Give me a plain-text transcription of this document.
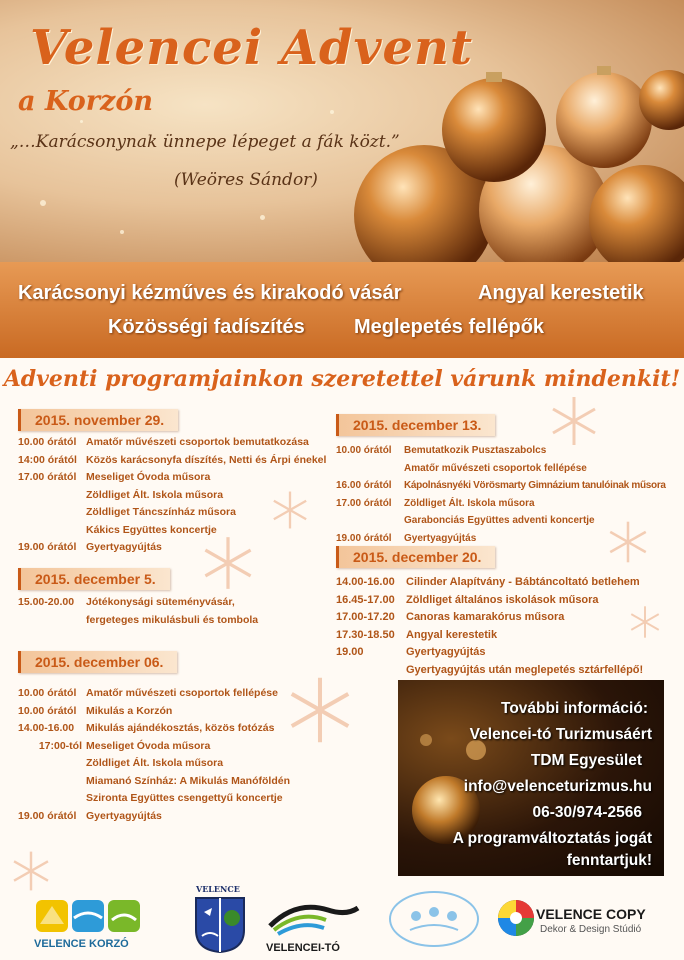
Velencei Advent
a Korzón

„…Karácsonynak ünnepe lépeget a fák közt.”

(Weöres Sándor)

Karácsonyi kézműves és kirakodó vásár	Angyal kerestetik
Közösségi fadíszítés Meglepetés fellépők

Adventi programjainkon szeretettel várunk mindenkit!

2015. november 29.
10.00 órától Amatőr művészeti csoportok bemutatkozása
14:00 órától Közös karácsonyfa díszítés, Netti és Árpi énekel
17.00 órától Meseliget Óvoda műsora
Zöldliget Ált. Iskola műsora
Zöldliget Táncszínház műsora
Kákics Együttes koncertje
19.00 órától Gyertyagyújtás
2015. december 5.
15.00-20.00	Jótékonysági süteményvásár,
fergeteges mikulásbuli és tombola
2015. december 06.
10.00 órától Amatőr művészeti csoportok fellépése
10.00 órától Mikulás a Korzón
14.00-16.00	Mikulás ajándékosztás, közös fotózás
17:00-tól Meseliget Óvoda műsora
Zöldliget Ált. Iskola műsora
Miamanó Színház: A Mikulás Manóföldén
Szironta Együttes csengettyű koncertje
19.00 órától Gyertyagyújtás
2015. december 13.
10.00 órától	Bemutatkozik Pusztaszabolcs
Amatőr művészeti csoportok fellépése
16.00 órától	Kápolnásnyéki Vörösmarty Gimnázium tanulóinak műsora
17.00 órától	Zöldliget Ált. Iskola műsora
Garabonciás Együttes adventi koncertje
19.00 órától	Gyertyagyújtás
2015. december 20.
14.00-16.00	Cilinder Alapítvány - Bábtáncoltató betlehem
16.45-17.00	Zöldliget általános iskolások műsora
17.00-17.20	Canoras kamarakórus műsora
17.30-18.50	Angyal kerestetik
19.00	Gyertyagyújtás
Gyertyagyújtás után meglepetés sztárfellépő!
További információ:
Velencei-tó Turizmusáért
TDM Egyesület
info@velenceturizmus.hu
06-30/974-2566
A programváltoztatás jogát
fenntartjuk!
VELENCE KORZÓ
VELENCE
VELENCEI-TÓ
VELENCE COPY
Dekor & Design Stúdió
